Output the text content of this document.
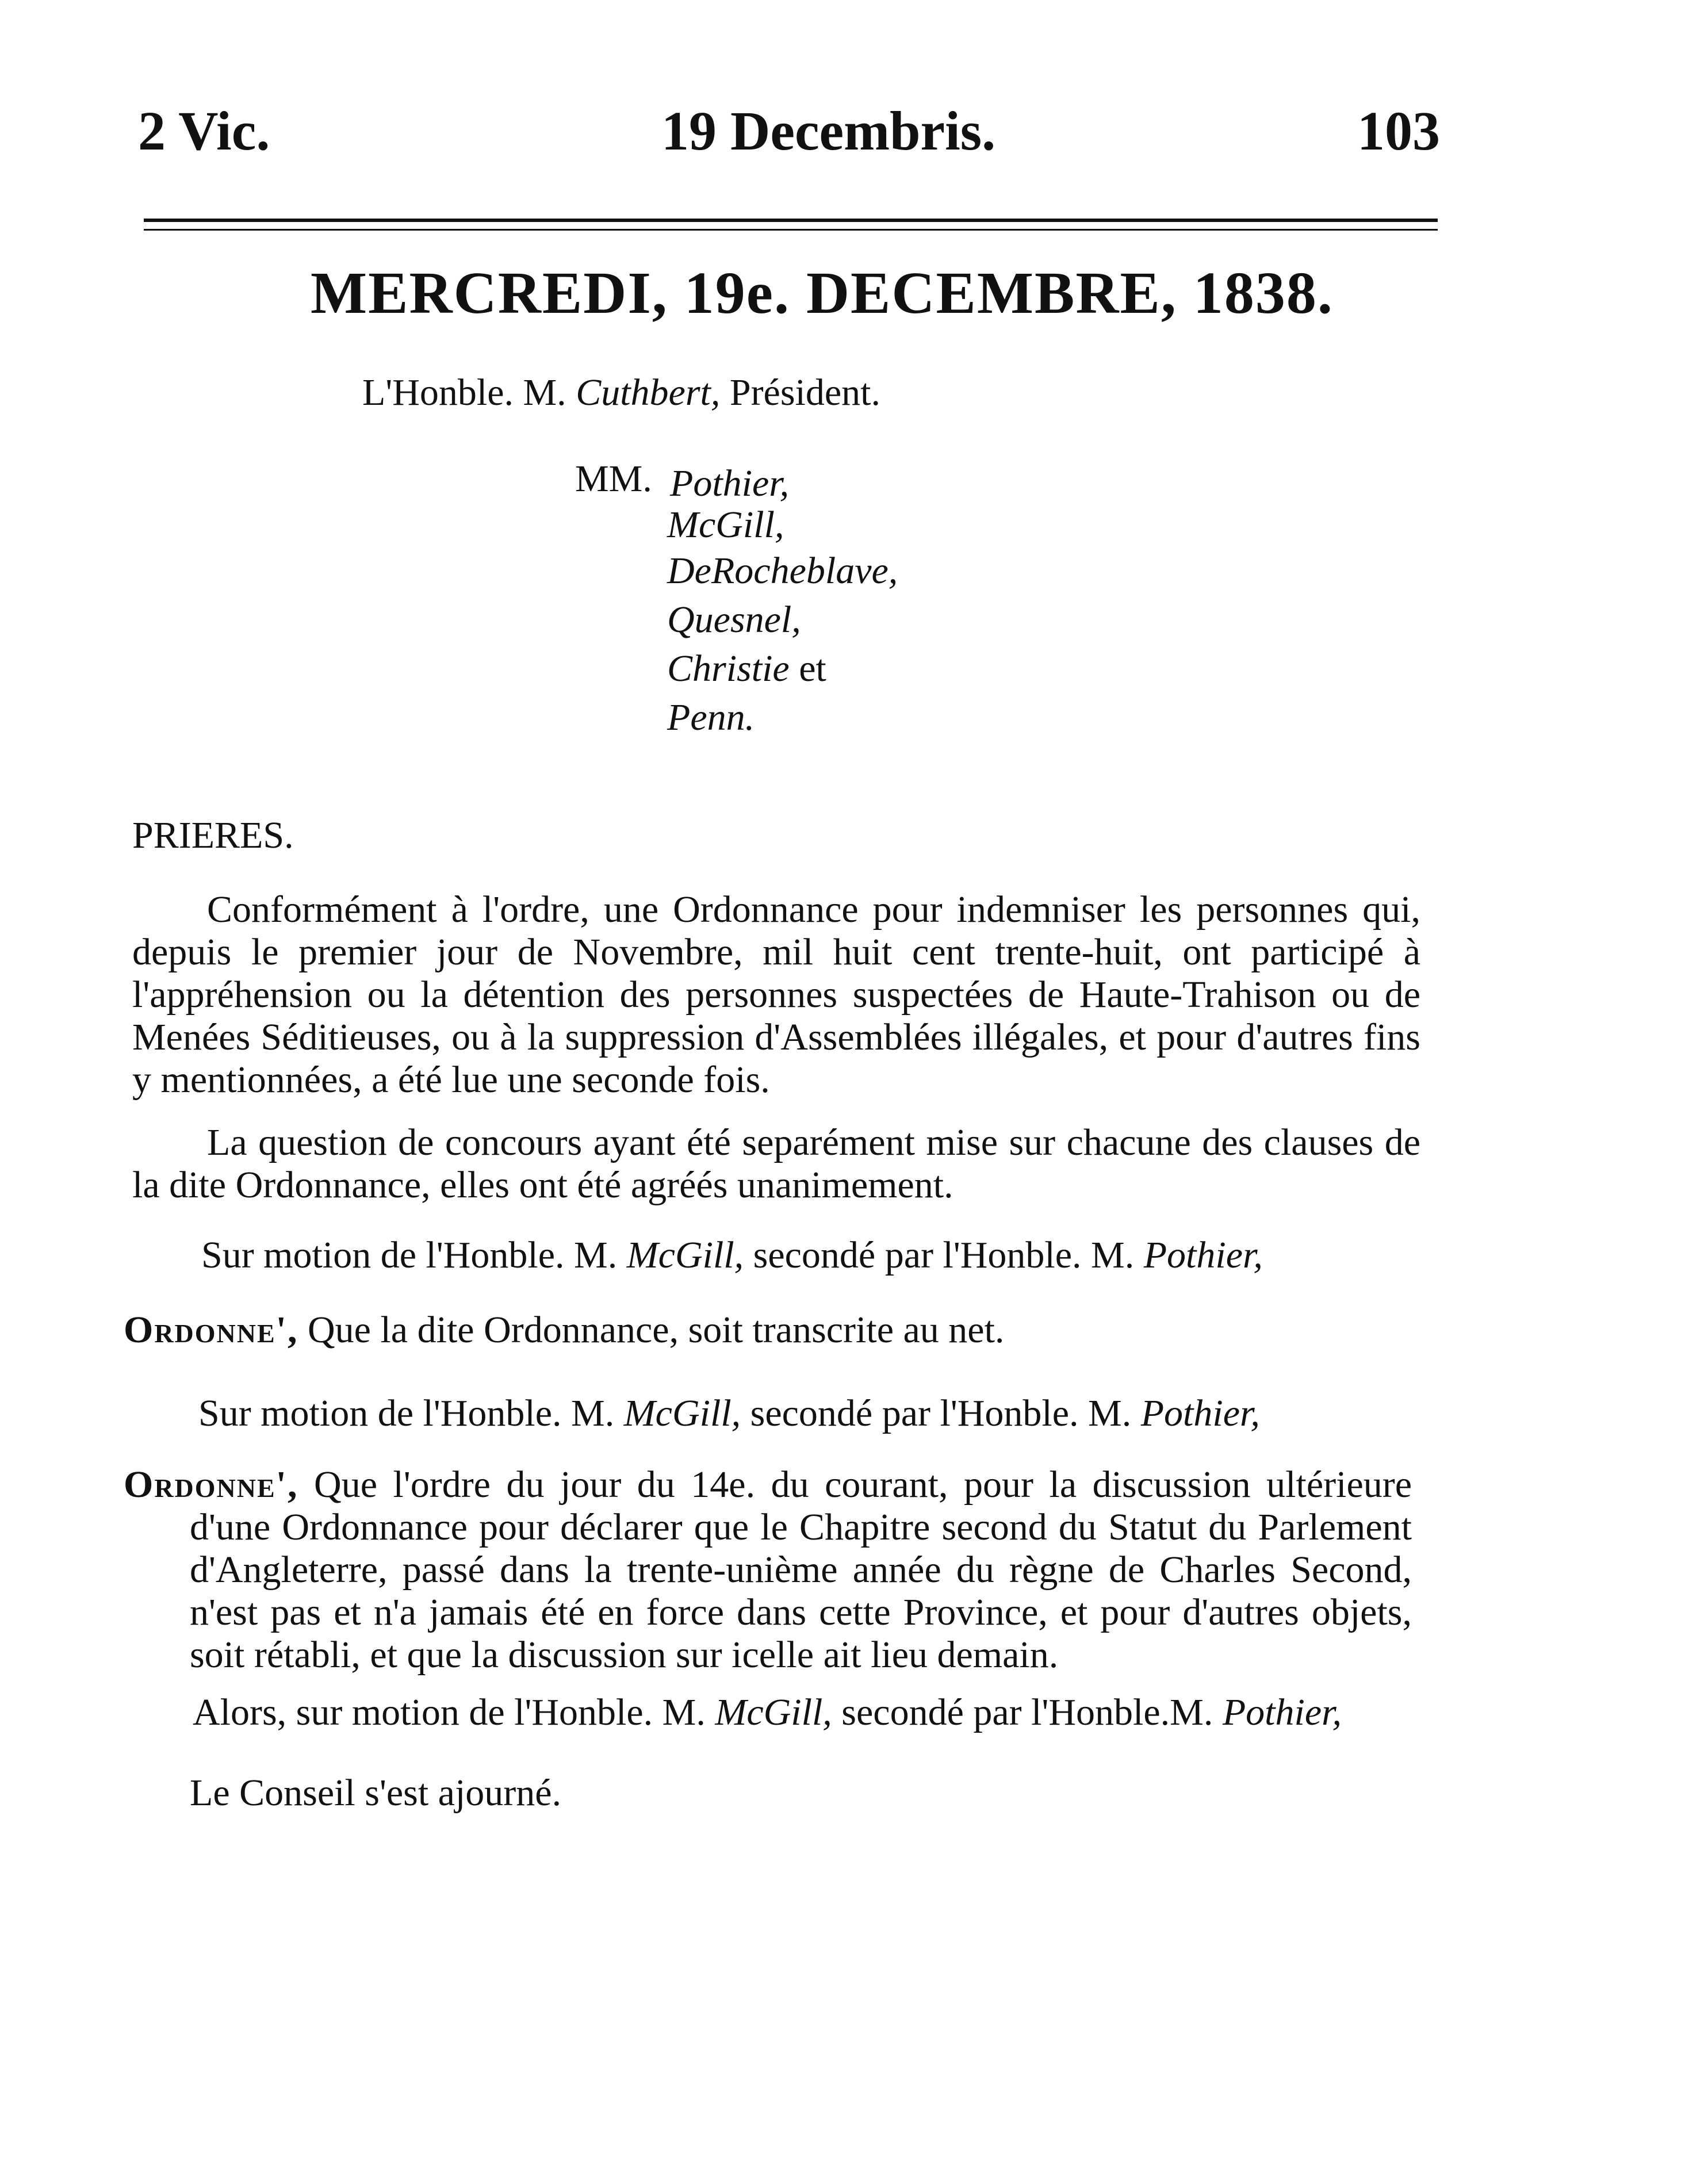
2 Vic.	19 Decembris.	103
MERCREDI, 19e. DECEMBRE, 1838.
L'Honble. M. Cuthbert, Président.
MM. Pothier,
McGill,
DeRocheblave,
Quesnel,
Christie et
Penn.
PRIERES.

Conformément à l'ordre, une Ordonnance pour indemniser les personnes qui, depuis le premier jour de Novembre, mil huit cent trente-huit, ont participé à l'appréhension ou la détention des personnes suspectées de Haute-Trahison ou de Menées Séditieuses, ou à la suppression d'Assemblées illégales, et pour d'autres fins y mentionnées, a été lue une seconde fois.

La question de concours ayant été separément mise sur chacune des clauses de la dite Ordonnance, elles ont été agréés unanimement.

Sur motion de l'Honble. M. McGill, secondé par l'Honble. M. Pothier,
Ordonne', Que la dite Ordonnance, soit transcrite au net.
Sur motion de l'Honble. M. McGill, secondé par l'Honble. M. Pothier,
Ordonne', Que l'ordre du jour du 14e. du courant, pour la discussion ultérieure d'une Ordonnance pour déclarer que le Chapitre second du Statut du Parlement d'Angleterre, passé dans la trente-unième année du règne de Charles Second, n'est pas et n'a jamais été en force dans cette Province, et pour d'autres objets, soit rétabli, et que la discussion sur icelle ait lieu demain.
Alors, sur motion de l'Honble. M. McGill, secondé par l'Honble.M. Pothier,
Le Conseil s'est ajourné.
